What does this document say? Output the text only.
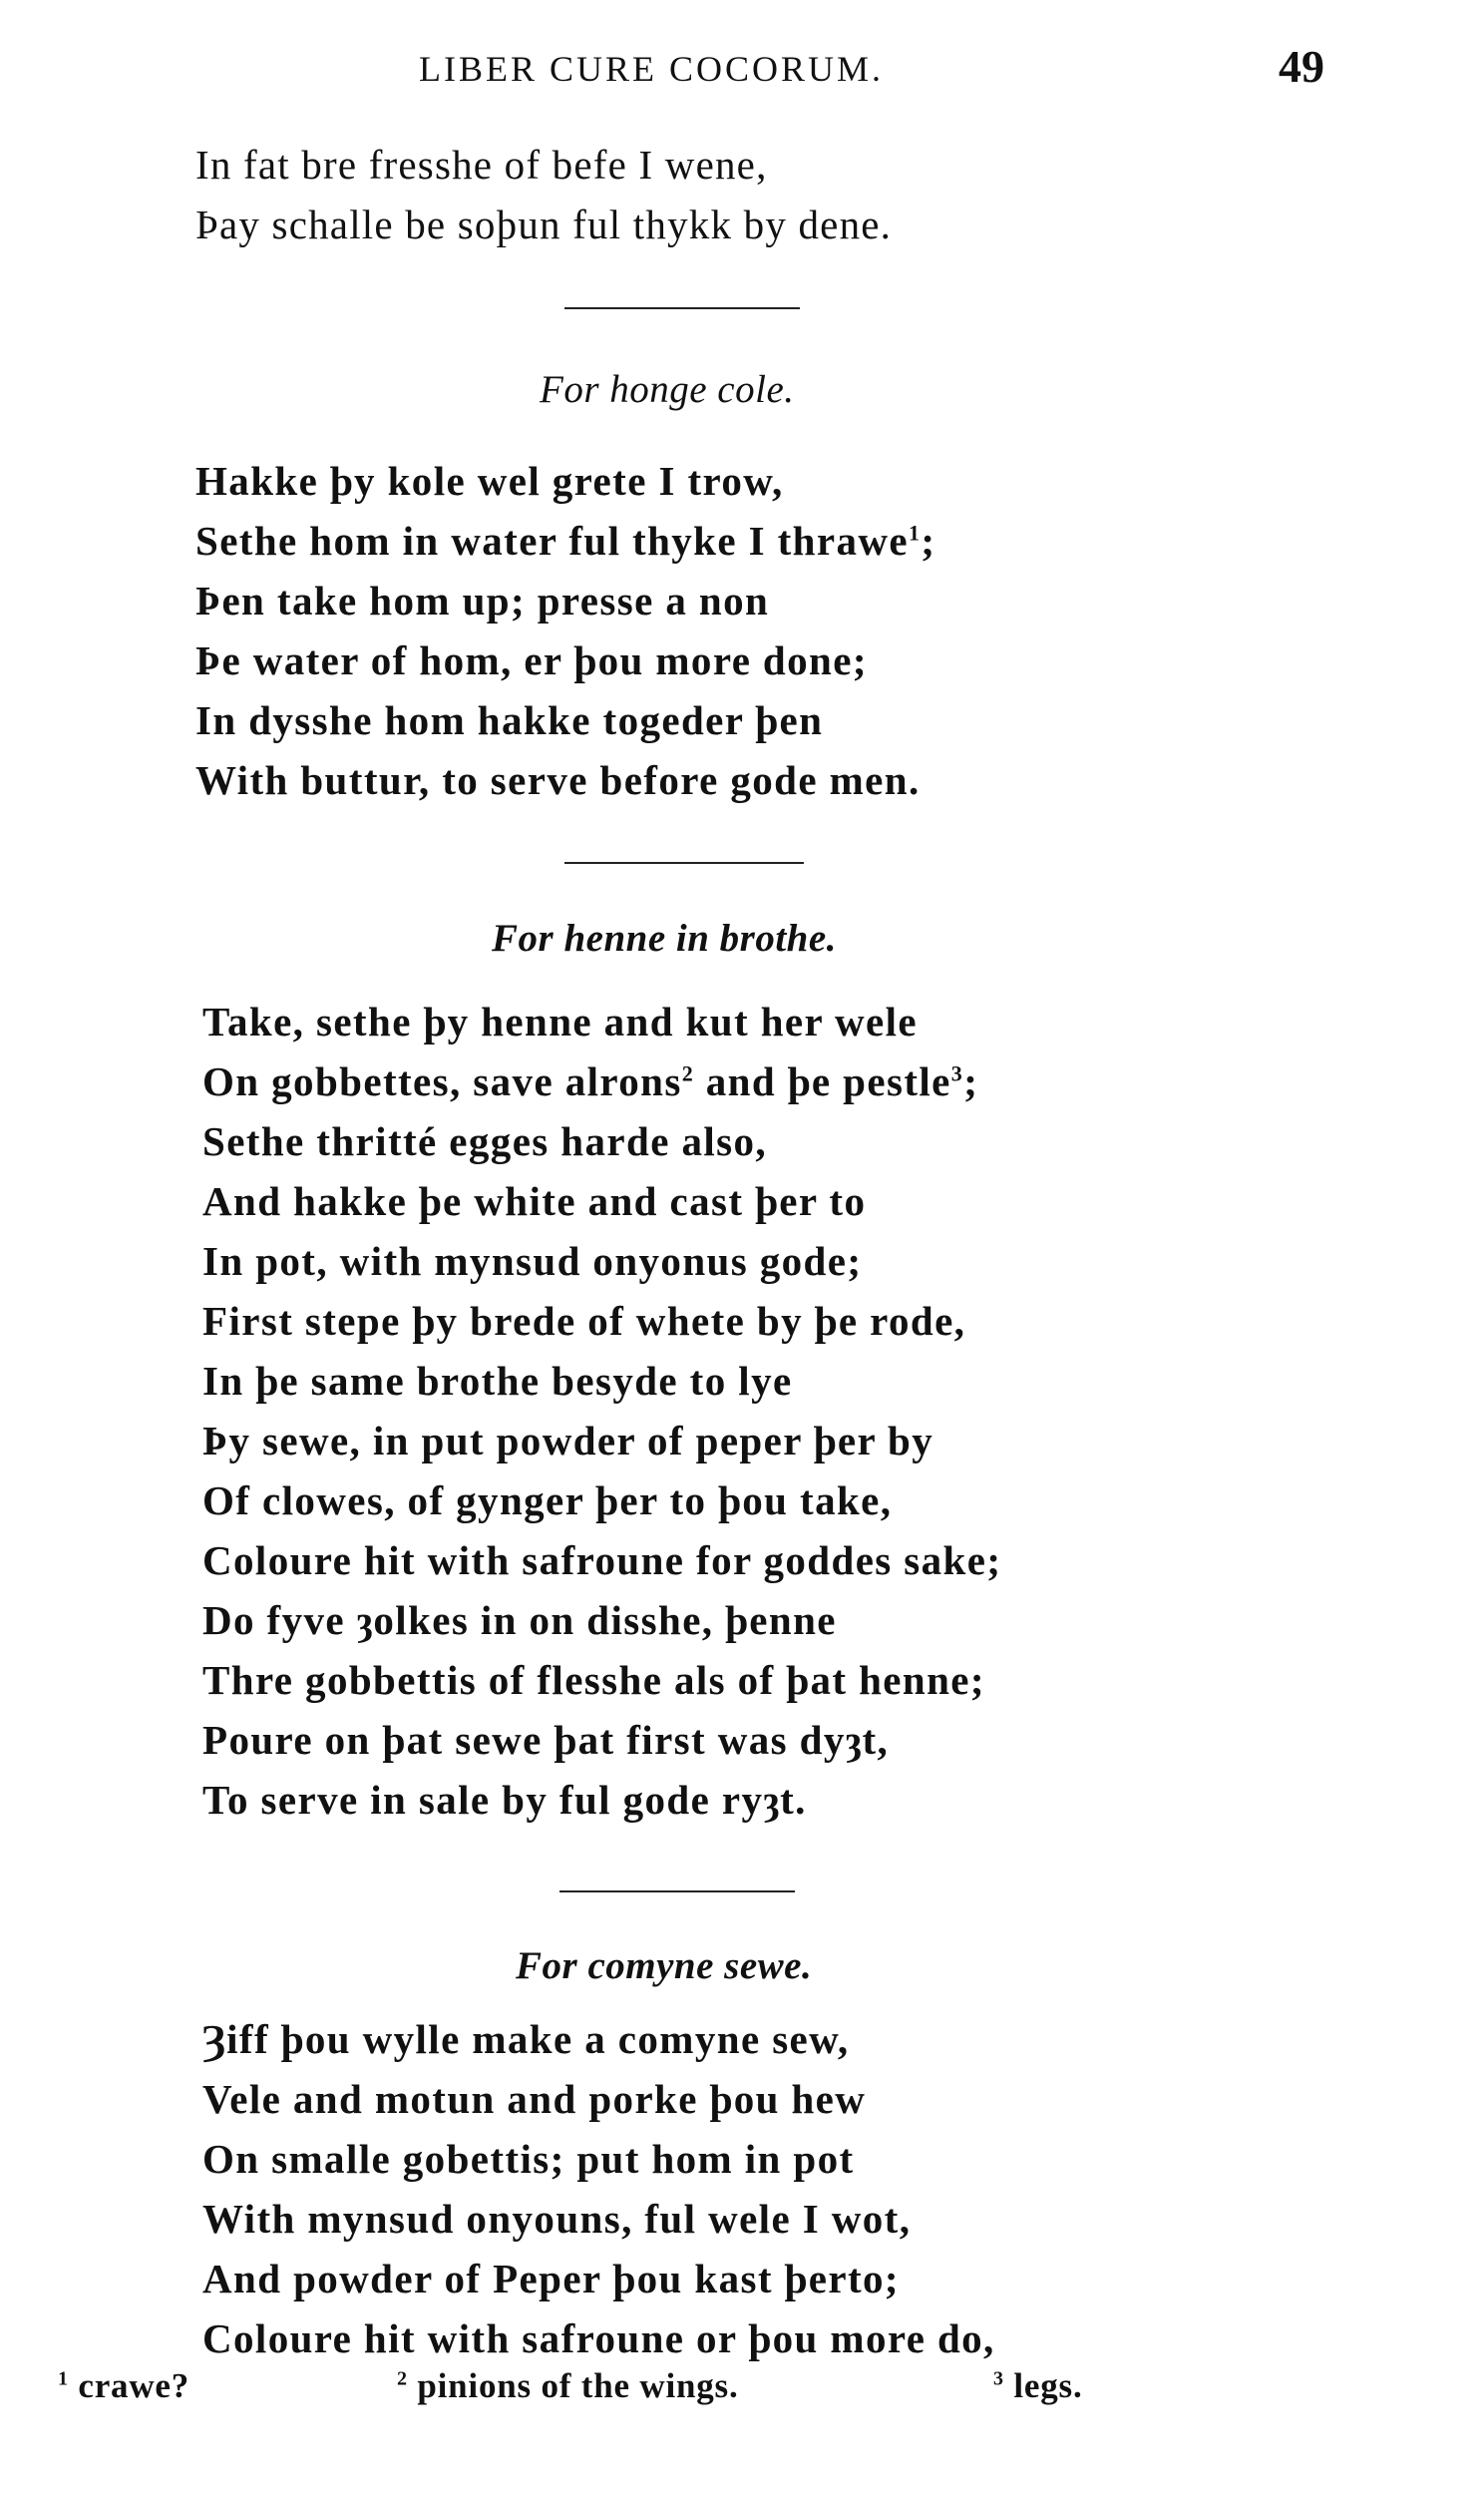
LIBER CURE COCORUM.	49
In fat bre fresshe of befe I wene,
Þay schalle be soþun ful thykk by dene.
For honge cole.
Hakke þy kole wel grete I trow,
Sethe hom in water ful thyke I thrawe$^1$;
Þen take hom up; presse a non
Þe water of hom, er þou more done;
In dysshe hom hakke togeder þen
With buttur, to serve before gode men.
For henne in brothe.
Take, sethe þy henne and kut her wele
On gobbettes, save alrons$^2$ and þe pestle$^3$;
Sethe thritté egges harde also,
And hakke þe white and cast þer to
In pot, with mynsud onyonus gode;
First stepe þy brede of whete by þe rode,
In þe same brothe besyde to lye
Þy sewe, in put powder of peper þer by
Of clowes, of gynger þer to þou take,
Coloure hit with safroune for goddes sake;
Do fyve ȝolkes in on disshe, þenne
Thre gobbettis of flesshe als of þat henne;
Poure on þat sewe þat first was dyȝt,
To serve in sale by ful gode ryȝt.
For comyne sewe.
Ȝiff þou wylle make a comyne sew,
Vele and motun and porke þou hew
On smalle gobettis; put hom in pot
With mynsud onyouns, ful wele I wot,
And powder of Peper þou kast þerto;
Coloure hit with safroune or þou more do,
$^1$ crawe?	$^2$ pinions of the wings.	$^3$ legs.
